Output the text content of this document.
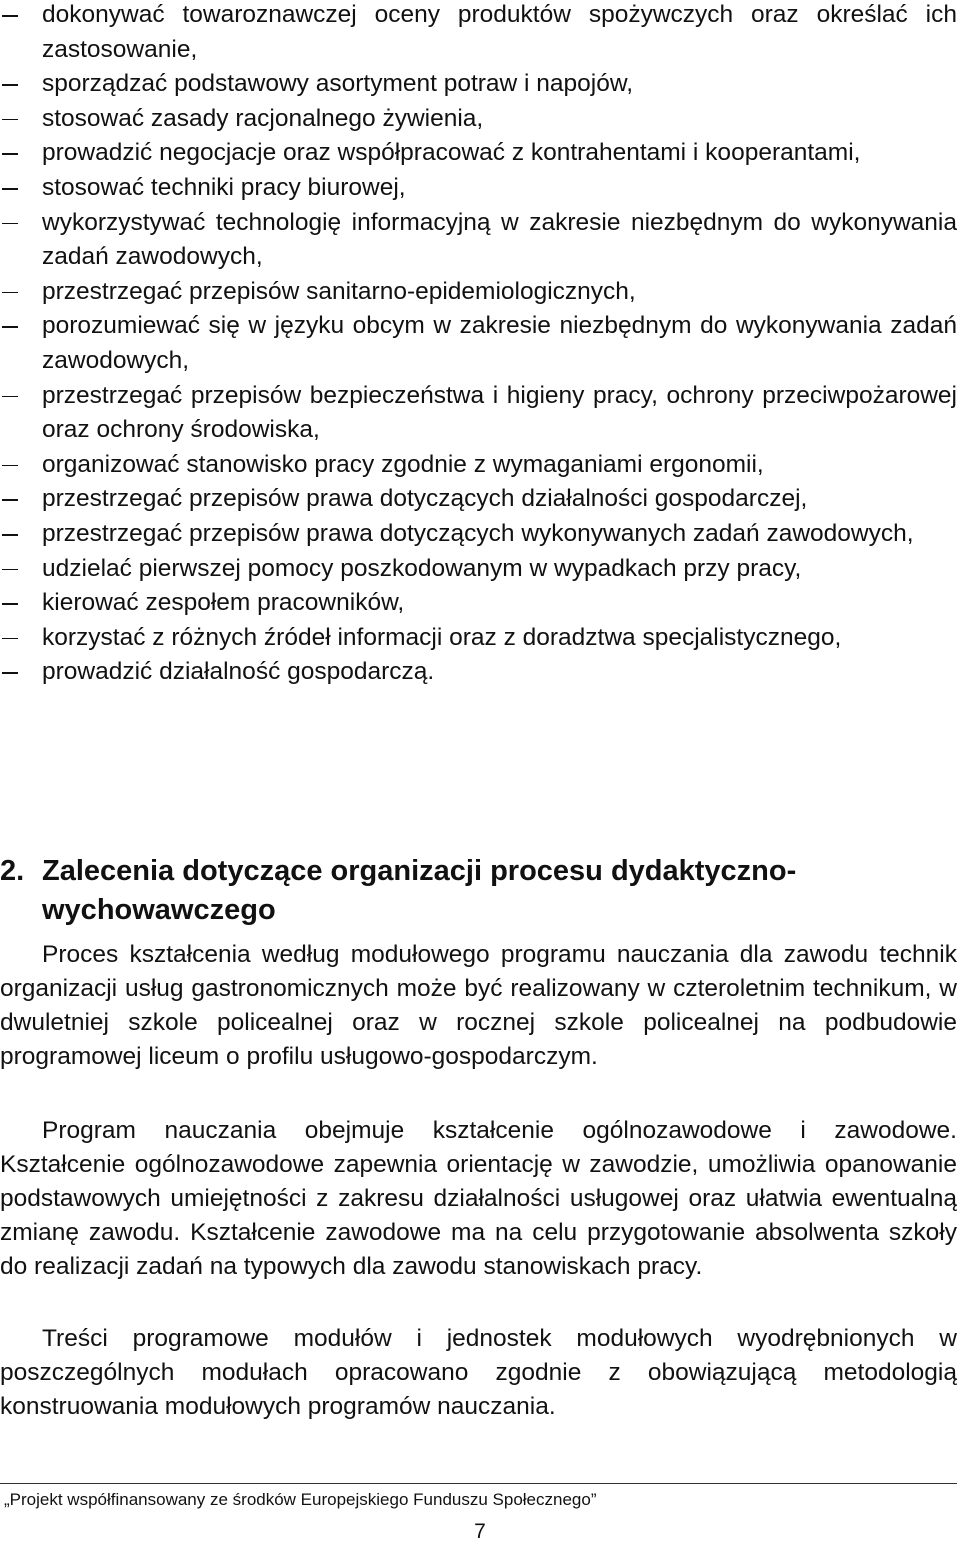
dokonywać towaroznawczej oceny produktów spożywczych oraz określać ich zastosowanie,
sporządzać podstawowy asortyment potraw i napojów,
stosować zasady racjonalnego żywienia,
prowadzić negocjacje oraz współpracować z kontrahentami i kooperantami,
stosować techniki pracy biurowej,
wykorzystywać technologię informacyjną w zakresie niezbędnym do wykonywania zadań zawodowych,
przestrzegać przepisów sanitarno-epidemiologicznych,
porozumiewać się w języku obcym w zakresie niezbędnym do wykonywania zadań zawodowych,
przestrzegać przepisów bezpieczeństwa i higieny pracy, ochrony przeciwpożarowej oraz ochrony środowiska,
organizować stanowisko pracy zgodnie z wymaganiami ergonomii,
przestrzegać przepisów prawa dotyczących działalności gospodarczej,
przestrzegać przepisów prawa dotyczących wykonywanych zadań zawodowych,
udzielać pierwszej pomocy poszkodowanym w wypadkach przy pracy,
kierować zespołem pracowników,
korzystać z różnych źródeł informacji oraz z doradztwa specjalistycznego,
prowadzić działalność gospodarczą.
2. Zalecenia dotyczące organizacji procesu dydaktyczno-
wychowawczego

Proces kształcenia według modułowego programu nauczania dla zawodu technik organizacji usług gastronomicznych może być realizowany w czteroletnim technikum, w dwuletniej szkole policealnej oraz w rocznej szkole policealnej na podbudowie programowej liceum o profilu usługowo-gospodarczym.

Program nauczania obejmuje kształcenie ogólnozawodowe i zawodowe. Kształcenie ogólnozawodowe zapewnia orientację w zawodzie, umożliwia opanowanie podstawowych umiejętności z zakresu działalności usługowej oraz ułatwia ewentualną zmianę zawodu. Kształcenie zawodowe ma na celu przygotowanie absolwenta szkoły do realizacji zadań na typowych dla zawodu stanowiskach pracy.

Treści programowe modułów i jednostek modułowych wyodrębnionych w poszczególnych modułach opracowano zgodnie z obowiązującą metodologią konstruowania modułowych programów nauczania.

„Projekt współfinansowany ze środków Europejskiego Funduszu Społecznego”
7
